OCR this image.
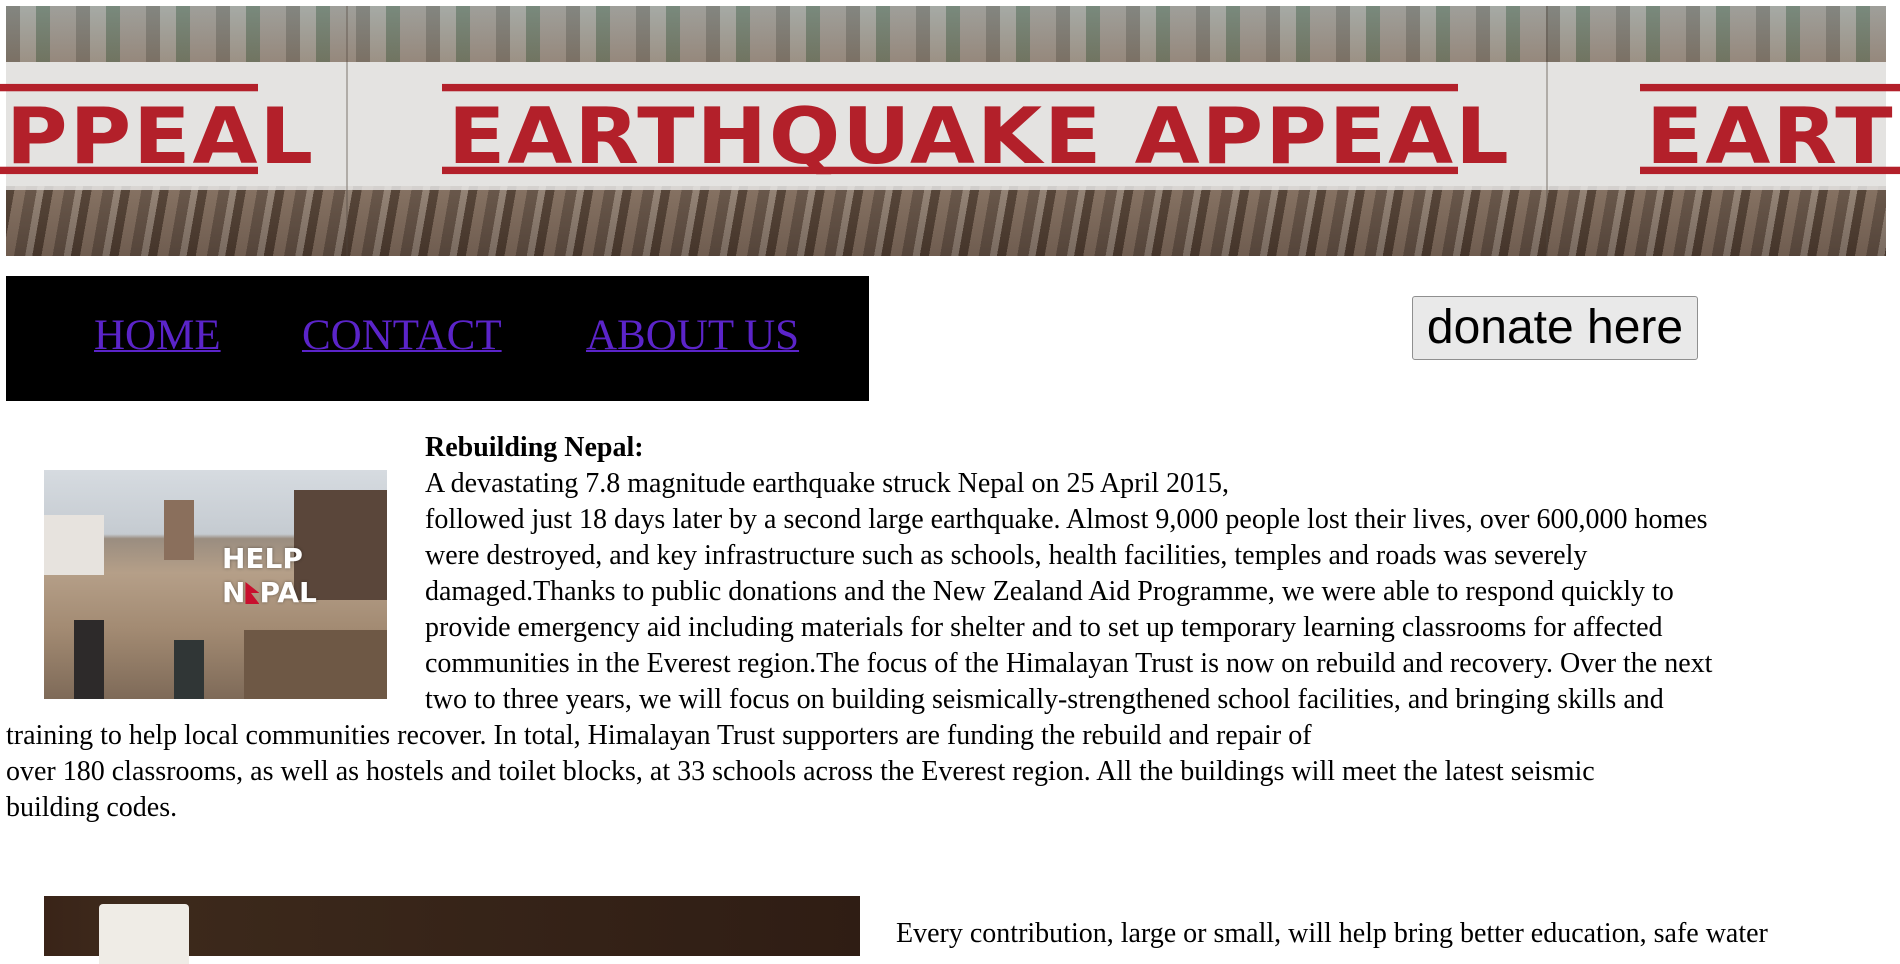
PPEAL EARTHQUAKE APPEAL EART
HOME CONTACT ABOUT US	donate here
HELP
N PAL
Rebuilding Nepal:

A devastating 7.8 magnitude earthquake struck Nepal on 25 April 2015,
followed just 18 days later by a second large earthquake. Almost 9,000 people lost their lives, over 600,000 homes
were destroyed, and key infrastructure such as schools, health facilities, temples and roads was severely
damaged.Thanks to public donations and the New Zealand Aid Programme, we were able to respond quickly to
provide emergency aid including materials for shelter and to set up temporary learning classrooms for affected
communities in the Everest region.The focus of the Himalayan Trust is now on rebuild and recovery. Over the next
two to three years, we will focus on building seismically-strengthened school facilities, and bringing skills and
training to help local communities recover. In total, Himalayan Trust supporters are funding the rebuild and repair of
over 180 classrooms, as well as hostels and toilet blocks, at 33 schools across the Everest region. All the buildings will meet the latest seismic
building codes.

Every contribution, large or small, will help bring better education, safe water
